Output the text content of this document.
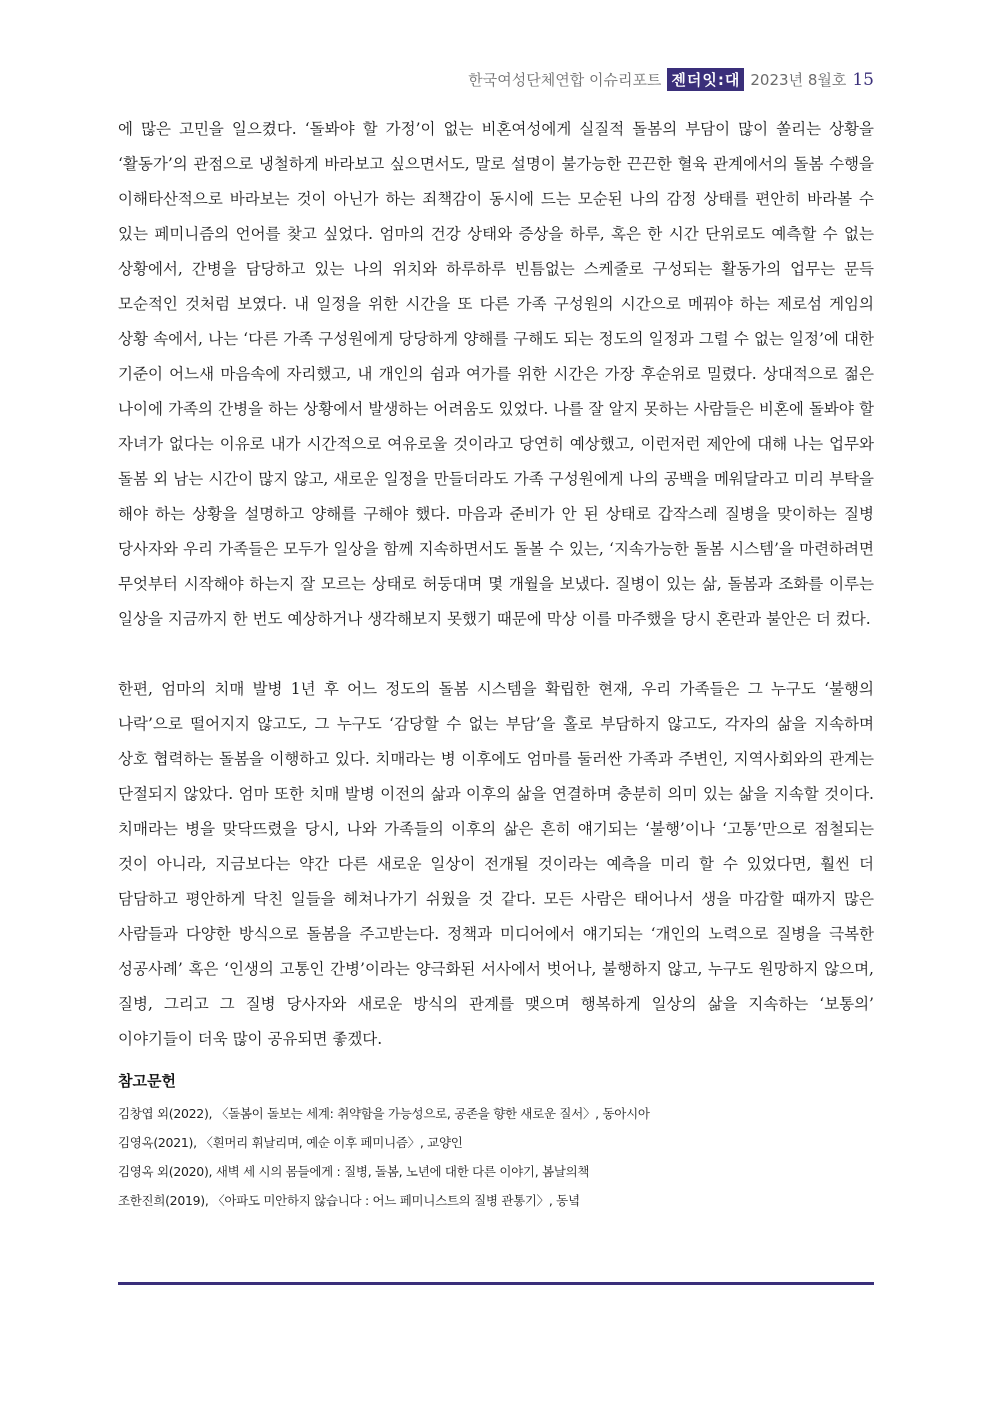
한국여성단체연합 이슈리포트 젠더잇:대 2023년 8월호 15

에 많은 고민을 일으켰다. ‘돌봐야 할 가정’이 없는 비혼여성에게 실질적 돌봄의 부담이 많이 쏠리는 상황을 ‘활동가’의 관점으로 냉철하게 바라보고 싶으면서도, 말로 설명이 불가능한 끈끈한 혈육 관계에서의 돌봄 수행을 이해타산적으로 바라보는 것이 아닌가 하는 죄책감이 동시에 드는 모순된 나의 감정 상태를 편안히 바라볼 수 있는 페미니즘의 언어를 찾고 싶었다. 엄마의 건강 상태와 증상을 하루, 혹은 한 시간 단위로도 예측할 수 없는 상황에서, 간병을 담당하고 있는 나의 위치와 하루하루 빈틈없는 스케줄로 구성되는 활동가의 업무는 문득 모순적인 것처럼 보였다. 내 일정을 위한 시간을 또 다른 가족 구성원의 시간으로 메꿔야 하는 제로섬 게임의 상황 속에서, 나는 ‘다른 가족 구성원에게 당당하게 양해를 구해도 되는 정도의 일정과 그럴 수 없는 일정’에 대한 기준이 어느새 마음속에 자리했고, 내 개인의 쉼과 여가를 위한 시간은 가장 후순위로 밀렸다. 상대적으로 젊은 나이에 가족의 간병을 하는 상황에서 발생하는 어려움도 있었다. 나를 잘 알지 못하는 사람들은 비혼에 돌봐야 할 자녀가 없다는 이유로 내가 시간적으로 여유로울 것이라고 당연히 예상했고, 이런저런 제안에 대해 나는 업무와 돌봄 외 남는 시간이 많지 않고, 새로운 일정을 만들더라도 가족 구성원에게 나의 공백을 메워달라고 미리 부탁을 해야 하는 상황을 설명하고 양해를 구해야 했다. 마음과 준비가 안 된 상태로 갑작스레 질병을 맞이하는 질병 당사자와 우리 가족들은 모두가 일상을 함께 지속하면서도 돌볼 수 있는, ‘지속가능한 돌봄 시스템’을 마련하려면 무엇부터 시작해야 하는지 잘 모르는 상태로 허둥대며 몇 개월을 보냈다. 질병이 있는 삶, 돌봄과 조화를 이루는 일상을 지금까지 한 번도 예상하거나 생각해보지 못했기 때문에 막상 이를 마주했을 당시 혼란과 불안은 더 컸다.

한편, 엄마의 치매 발병 1년 후 어느 정도의 돌봄 시스템을 확립한 현재, 우리 가족들은 그 누구도 ‘불행의 나락’으로 떨어지지 않고도, 그 누구도 ‘감당할 수 없는 부담’을 홀로 부담하지 않고도, 각자의 삶을 지속하며 상호 협력하는 돌봄을 이행하고 있다. 치매라는 병 이후에도 엄마를 둘러싼 가족과 주변인, 지역사회와의 관계는 단절되지 않았다. 엄마 또한 치매 발병 이전의 삶과 이후의 삶을 연결하며 충분히 의미 있는 삶을 지속할 것이다. 치매라는 병을 맞닥뜨렸을 당시, 나와 가족들의 이후의 삶은 흔히 얘기되는 ‘불행’이나 ‘고통’만으로 점철되는 것이 아니라, 지금보다는 약간 다른 새로운 일상이 전개될 것이라는 예측을 미리 할 수 있었다면, 훨씬 더 담담하고 평안하게 닥친 일들을 헤쳐나가기 쉬웠을 것 같다. 모든 사람은 태어나서 생을 마감할 때까지 많은 사람들과 다양한 방식으로 돌봄을 주고받는다. 정책과 미디어에서 얘기되는 ‘개인의 노력으로 질병을 극복한 성공사례’ 혹은 ‘인생의 고통인 간병’이라는 양극화된 서사에서 벗어나, 불행하지 않고, 누구도 원망하지 않으며, 질병, 그리고 그 질병 당사자와 새로운 방식의 관계를 맺으며 행복하게 일상의 삶을 지속하는 ‘보통의’ 이야기들이 더욱 많이 공유되면 좋겠다.

참고문헌
김창엽 외(2022), 〈돌봄이 돌보는 세계: 취약함을 가능성으로, 공존을 향한 새로운 질서〉, 동아시아
김영옥(2021), 〈흰머리 휘날리며, 예순 이후 페미니즘〉, 교양인
김영옥 외(2020), 새벽 세 시의 몸들에게 : 질병, 돌봄, 노년에 대한 다른 이야기, 봄날의책
조한진희(2019), 〈아파도 미안하지 않습니다 : 어느 페미니스트의 질병 관통기〉, 동녘
